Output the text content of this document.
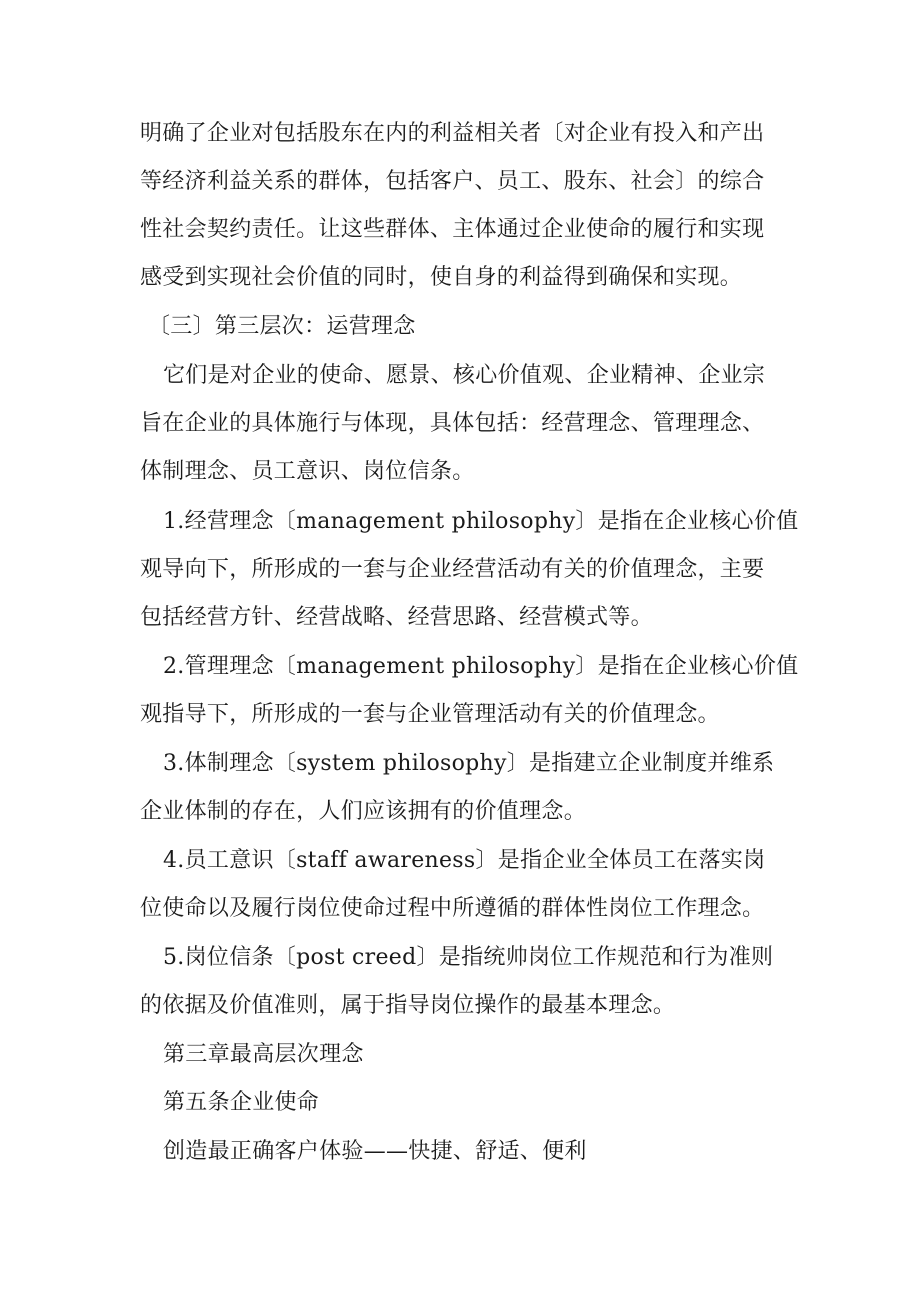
明确了企业对包括股东在内的利益相关者〔对企业有投入和产出
等经济利益关系的群体，包括客户、员工、股东、社会〕的综合
性社会契约责任。让这些群体、主体通过企业使命的履行和实现
感受到实现社会价值的同时，使自身的利益得到确保和实现。
〔三〕第三层次：运营理念
它们是对企业的使命、愿景、核心价值观、企业精神、企业宗
旨在企业的具体施行与体现，具体包括：经营理念、管理理念、
体制理念、员工意识、岗位信条。
1.经营理念〔management philosophy〕是指在企业核心价值
观导向下，所形成的一套与企业经营活动有关的价值理念，主要
包括经营方针、经营战略、经营思路、经营模式等。
2.管理理念〔management philosophy〕是指在企业核心价值
观指导下，所形成的一套与企业管理活动有关的价值理念。
3.体制理念〔system philosophy〕是指建立企业制度并维系
企业体制的存在，人们应该拥有的价值理念。
4.员工意识〔staff awareness〕是指企业全体员工在落实岗
位使命以及履行岗位使命过程中所遵循的群体性岗位工作理念。
5.岗位信条〔post creed〕是指统帅岗位工作规范和行为准则
的依据及价值准则，属于指导岗位操作的最基本理念。
第三章最高层次理念
第五条企业使命
创造最正确客户体验——快捷、舒适、便利
